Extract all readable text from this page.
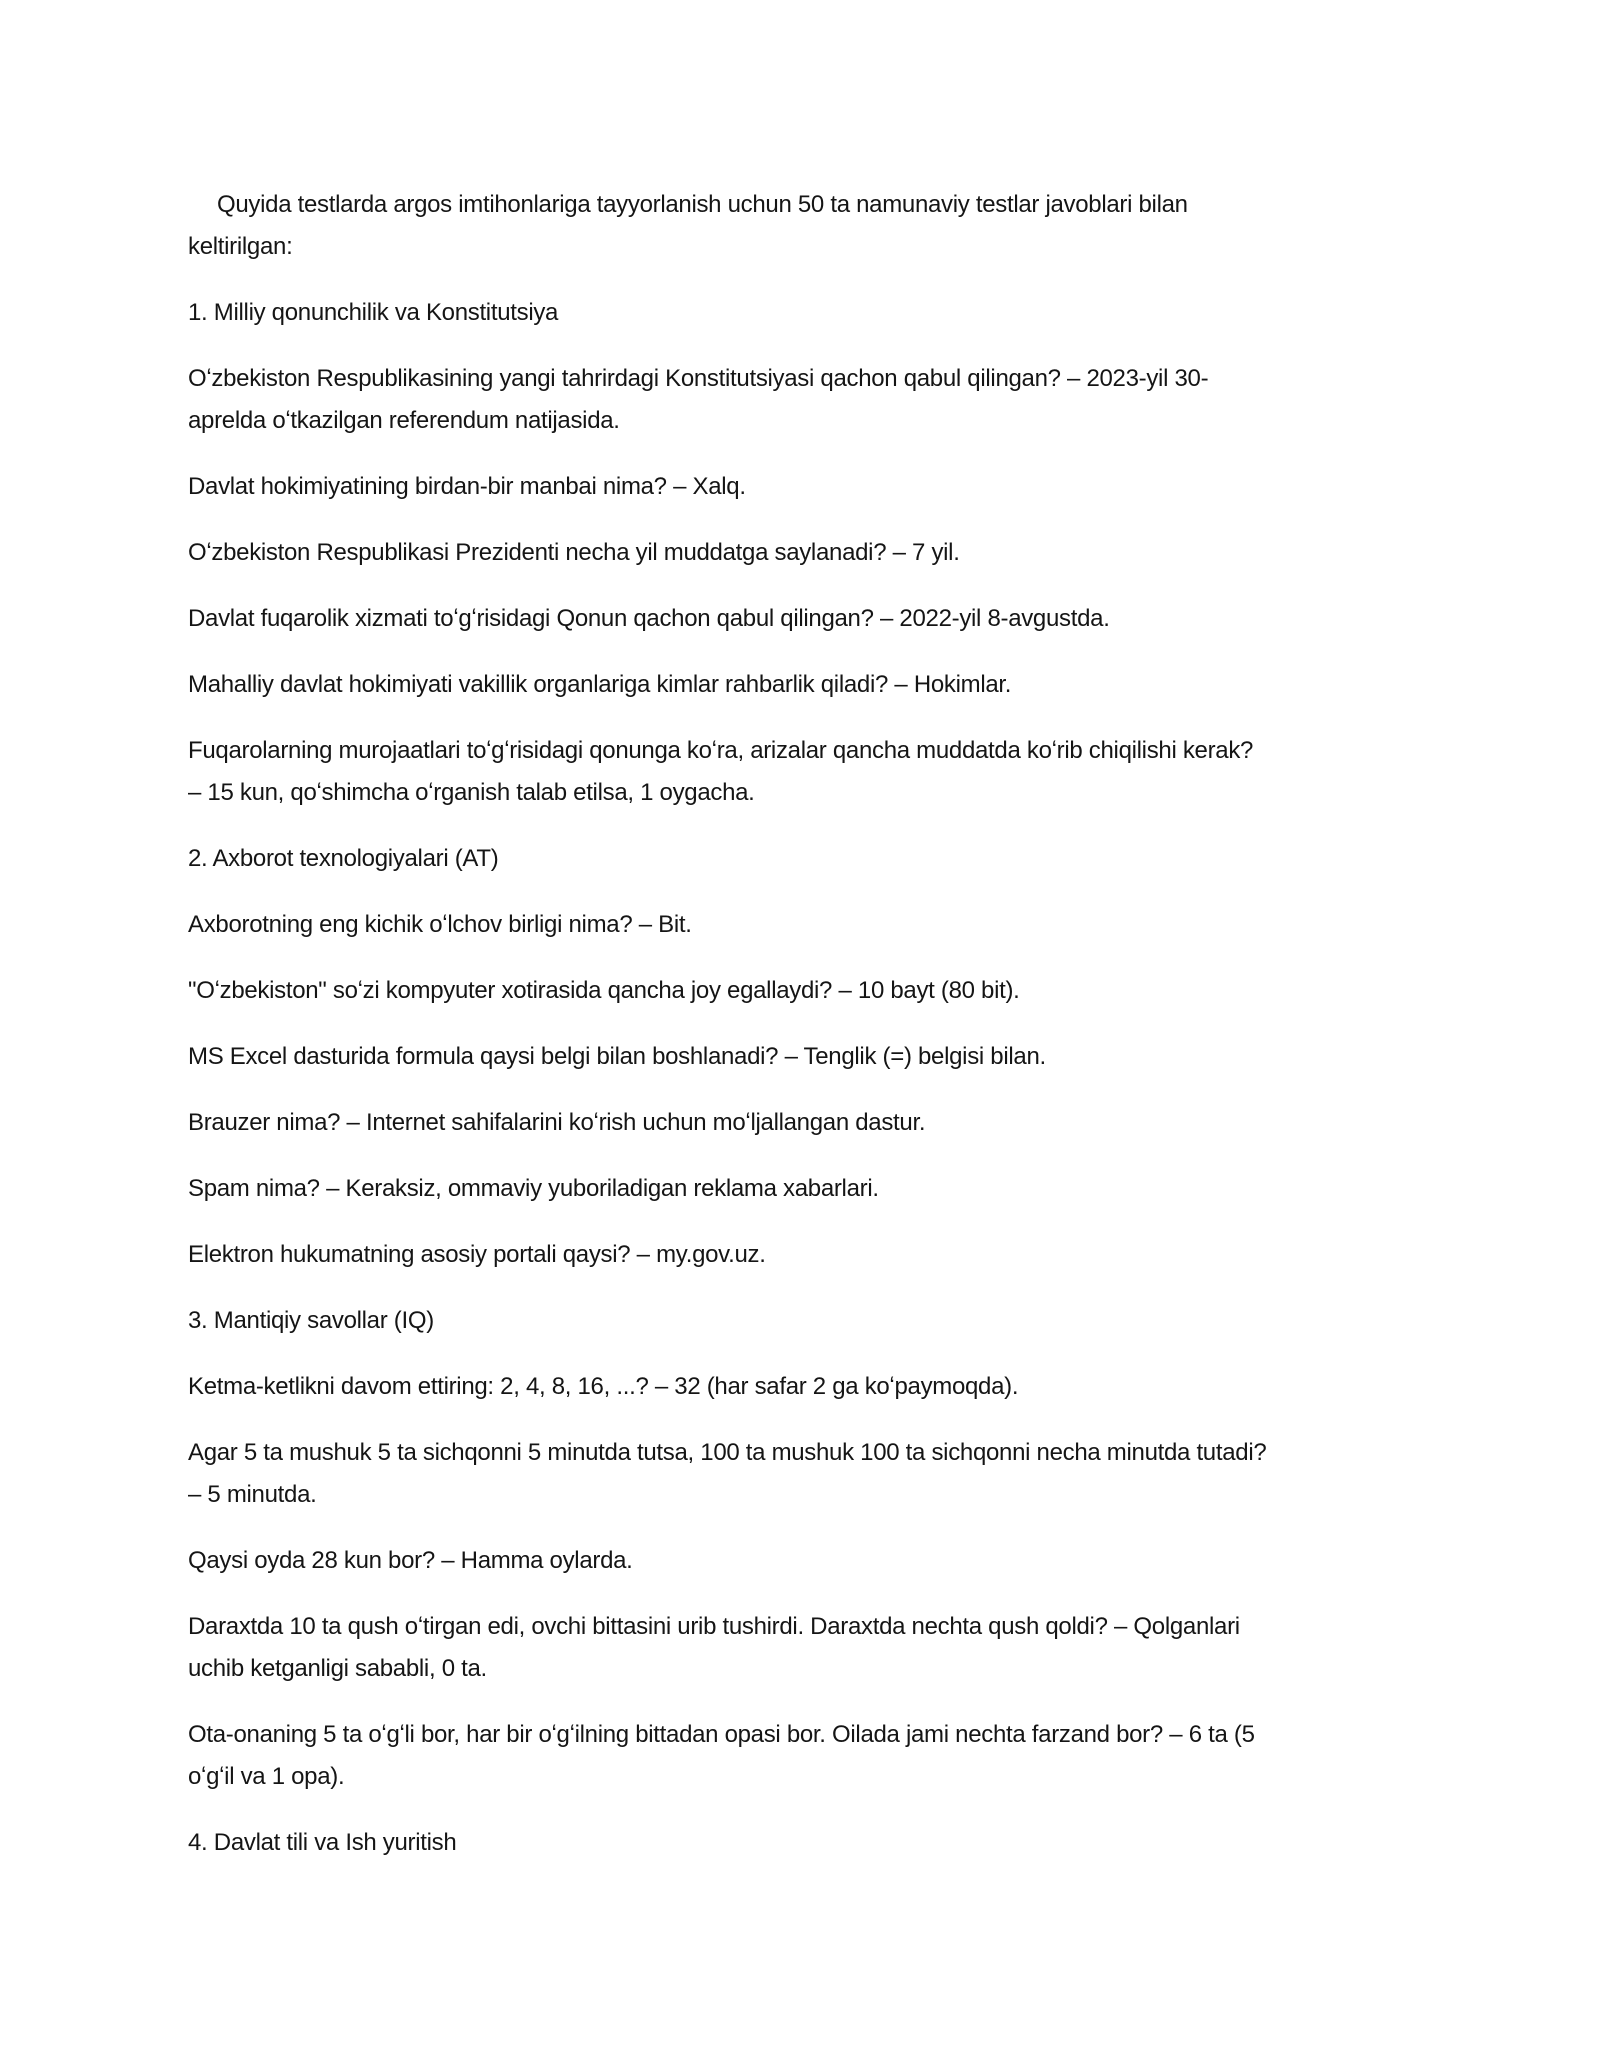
Quyida testlarda argos imtihonlariga tayyorlanish uchun 50 ta namunaviy testlar javoblari bilan
keltirilgan:
1. Milliy qonunchilik va Konstitutsiya
Oʻzbekiston Respublikasining yangi tahrirdagi Konstitutsiyasi qachon qabul qilingan? – 2023-yil 30-
aprelda oʻtkazilgan referendum natijasida.
Davlat hokimiyatining birdan-bir manbai nima? – Xalq.
Oʻzbekiston Respublikasi Prezidenti necha yil muddatga saylanadi? – 7 yil.
Davlat fuqarolik xizmati toʻgʻrisidagi Qonun qachon qabul qilingan? – 2022-yil 8-avgustda.
Mahalliy davlat hokimiyati vakillik organlariga kimlar rahbarlik qiladi? – Hokimlar.
Fuqarolarning murojaatlari toʻgʻrisidagi qonunga koʻra, arizalar qancha muddatda koʻrib chiqilishi kerak?
– 15 kun, qoʻshimcha oʻrganish talab etilsa, 1 oygacha.
2. Axborot texnologiyalari (AT)
Axborotning eng kichik oʻlchov birligi nima? – Bit.
"Oʻzbekiston" soʻzi kompyuter xotirasida qancha joy egallaydi? – 10 bayt (80 bit).
MS Excel dasturida formula qaysi belgi bilan boshlanadi? – Tenglik (=) belgisi bilan.
Brauzer nima? – Internet sahifalarini koʻrish uchun moʻljallangan dastur.
Spam nima? – Keraksiz, ommaviy yuboriladigan reklama xabarlari.
Elektron hukumatning asosiy portali qaysi? – my.gov.uz.
3. Mantiqiy savollar (IQ)
Ketma-ketlikni davom ettiring: 2, 4, 8, 16, ...? – 32 (har safar 2 ga koʻpaymoqda).
Agar 5 ta mushuk 5 ta sichqonni 5 minutda tutsa, 100 ta mushuk 100 ta sichqonni necha minutda tutadi?
– 5 minutda.
Qaysi oyda 28 kun bor? – Hamma oylarda.
Daraxtda 10 ta qush oʻtirgan edi, ovchi bittasini urib tushirdi. Daraxtda nechta qush qoldi? – Qolganlari
uchib ketganligi sababli, 0 ta.
Ota-onaning 5 ta oʻgʻli bor, har bir oʻgʻilning bittadan opasi bor. Oilada jami nechta farzand bor? – 6 ta (5
oʻgʻil va 1 opa).
4. Davlat tili va Ish yuritish
